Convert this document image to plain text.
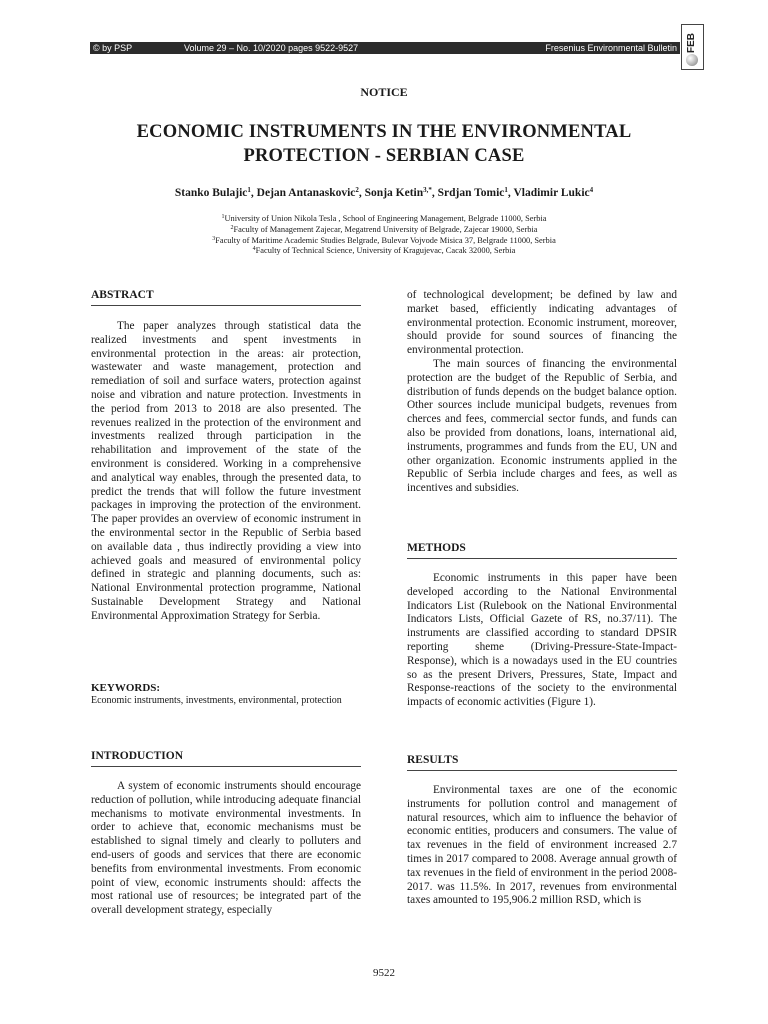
© by PSP	Volume 29 – No. 10/2020 pages 9522-9527	Fresenius Environmental Bulletin FEB
NOTICE
ECONOMIC INSTRUMENTS IN THE ENVIRONMENTAL
PROTECTION - SERBIAN CASE
Stanko Bulajic$^1$, Dejan Antanaskovic$^2$, Sonja Ketin$^{3,*}$, Srdjan Tomic$^1$, Vladimir Lukic$^4$
$^1$University of Union Nikola Tesla , School of Engineering Management, Belgrade 11000, Serbia
$^2$Faculty of Management Zajecar, Megatrend University of Belgrade, Zajecar 19000, Serbia
$^3$Faculty of Maritime Academic Studies Belgrade, Bulevar Vojvode Misica 37, Belgrade 11000, Serbia
$^4$Faculty of Technical Science, University of Kragujevac, Cacak 32000, Serbia
ABSTRACT

The paper analyzes through statistical data the realized investments and spent investments in environmental protection in the areas: air protection, wastewater and waste management, protection and remediation of soil and surface waters, protection against noise and vibration and nature protection. Investments in the period from 2013 to 2018 are also presented. The revenues realized in the protection of the environment and investments realized through participation in the rehabilitation and improvement of the state of the environment is considered. Working in a comprehensive and analytical way enables, through the presented data, to predict the trends that will follow the future investment packages in improving the protection of the environment. The paper provides an overview of economic instrument in the environmental sector in the Republic of Serbia based on available data , thus indirectly providing a view into achieved goals and measured of environmental policy defined in strategic and planning documents, such as: National Environmental protection programme, National Sustainable Development Strategy and National Environmental Approximation Strategy for Serbia.

KEYWORDS:
Economic instruments, investments, environmental, protection
INTRODUCTION

A system of economic instruments should encourage reduction of pollution, while introducing adequate financial mechanisms to motivate environmental investments. In order to achieve that, economic mechanisms must be established to signal timely and clearly to polluters and end-users of goods and services that there are economic benefits from environmental investments. From economic point of view, economic instruments should: affects the most rational use of resources; be integrated part of the overall development strategy, especially

of technological development; be defined by law and market based, efficiently indicating advantages of environmental protection. Economic instrument, moreover, should provide for sound sources of financing the environmental protection.

The main sources of financing the environmental protection are the budget of the Republic of Serbia, and distribution of funds depends on the budget balance option. Other sources include municipal budgets, revenues from cherces and fees, commercial sector funds, and funds can also be provided from donations, loans, international aid, instruments, programmes and funds from the EU, UN and other organization. Economic instruments applied in the Republic of Serbia include charges and fees, as well as incentives and subsidies.

METHODS

Economic instruments in this paper have been developed according to the National Environmental Indicators List (Rulebook on the National Environmental Indicators Lists, Official Gazete of RS, no.37/11). The instruments are classified according to standard DPSIR reporting sheme (Driving-Pressure-State-Impact-Response), which is a nowadays used in the EU countries so as the present Drivers, Pressures, State, Impact and Response-reactions of the society to the environmental impacts of economic activities (Figure 1).

RESULTS

Environmental taxes are one of the economic instruments for pollution control and management of natural resources, which aim to influence the behavior of economic entities, producers and consumers. The value of tax revenues in the field of environment increased 2.7 times in 2017 compared to 2008. Average annual growth of tax revenues in the field of environment in the period 2008-2017. was 11.5%. In 2017, revenues from environmental taxes amounted to 195,906.2 million RSD, which is

9522
